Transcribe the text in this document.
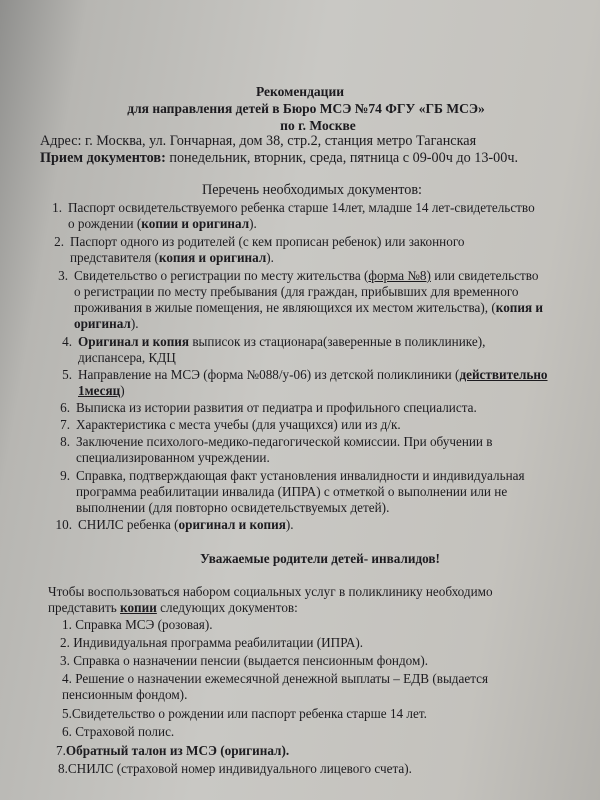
Рекомендации
для направления детей в Бюро МСЭ №74 ФГУ «ГБ МСЭ»
по г. Москве
Адрес: г. Москва, ул. Гончарная, дом 38, стр.2, станция метро Таганская
Прием документов: понедельник, вторник, среда, пятница с 09-00ч до 13-00ч.
Перечень необходимых документов:
1. Паспорт освидетельствуемого ребенка старше 14лет, младше 14 лет-свидетельство
о рождении (копии и оригинал).
2. Паспорт одного из родителей (с кем прописан ребенок) или законного
представителя (копия и оригинал).
3. Свидетельство о регистрации по месту жительства (форма №8) или свидетельство
о регистрации по месту пребывания (для граждан, прибывших для временного
проживания в жилые помещения, не являющихся их местом жительства), (копия и
оригинал).
4. Оригинал и копия выписок из стационара(заверенные в поликлинике),
диспансера, КДЦ
5. Направление на МСЭ (форма №088/у-06) из детской поликлиники (действительно
1месяц)
6. Выписка из истории развития от педиатра и профильного специалиста.
7. Характеристика с места учебы (для учащихся) или из д/к.
8. Заключение психолого-медико-педагогической комиссии. При обучении в
специализированном учреждении.
9. Справка, подтверждающая факт установления инвалидности и индивидуальная
программа реабилитации инвалида (ИПРА) с отметкой о выполнении или не
выполнении (для повторно освидетельствуемых детей).
10. СНИЛС ребенка (оригинал и копия).
Уважаемые родители детей- инвалидов!
Чтобы воспользоваться набором социальных услуг в поликлинику необходимо
представить копии следующих документов:
1. Справка МСЭ (розовая).
2. Индивидуальная программа реабилитации (ИПРА).
3. Справка о назначении пенсии (выдается пенсионным фондом).
4. Решение о назначении ежемесячной денежной выплаты – ЕДВ (выдается
пенсионным фондом).
5.Свидетельство о рождении или паспорт ребенка старше 14 лет.
6. Страховой полис.
7.Обратный талон из МСЭ (оригинал).
8.СНИЛС (страховой номер индивидуального лицевого счета).
